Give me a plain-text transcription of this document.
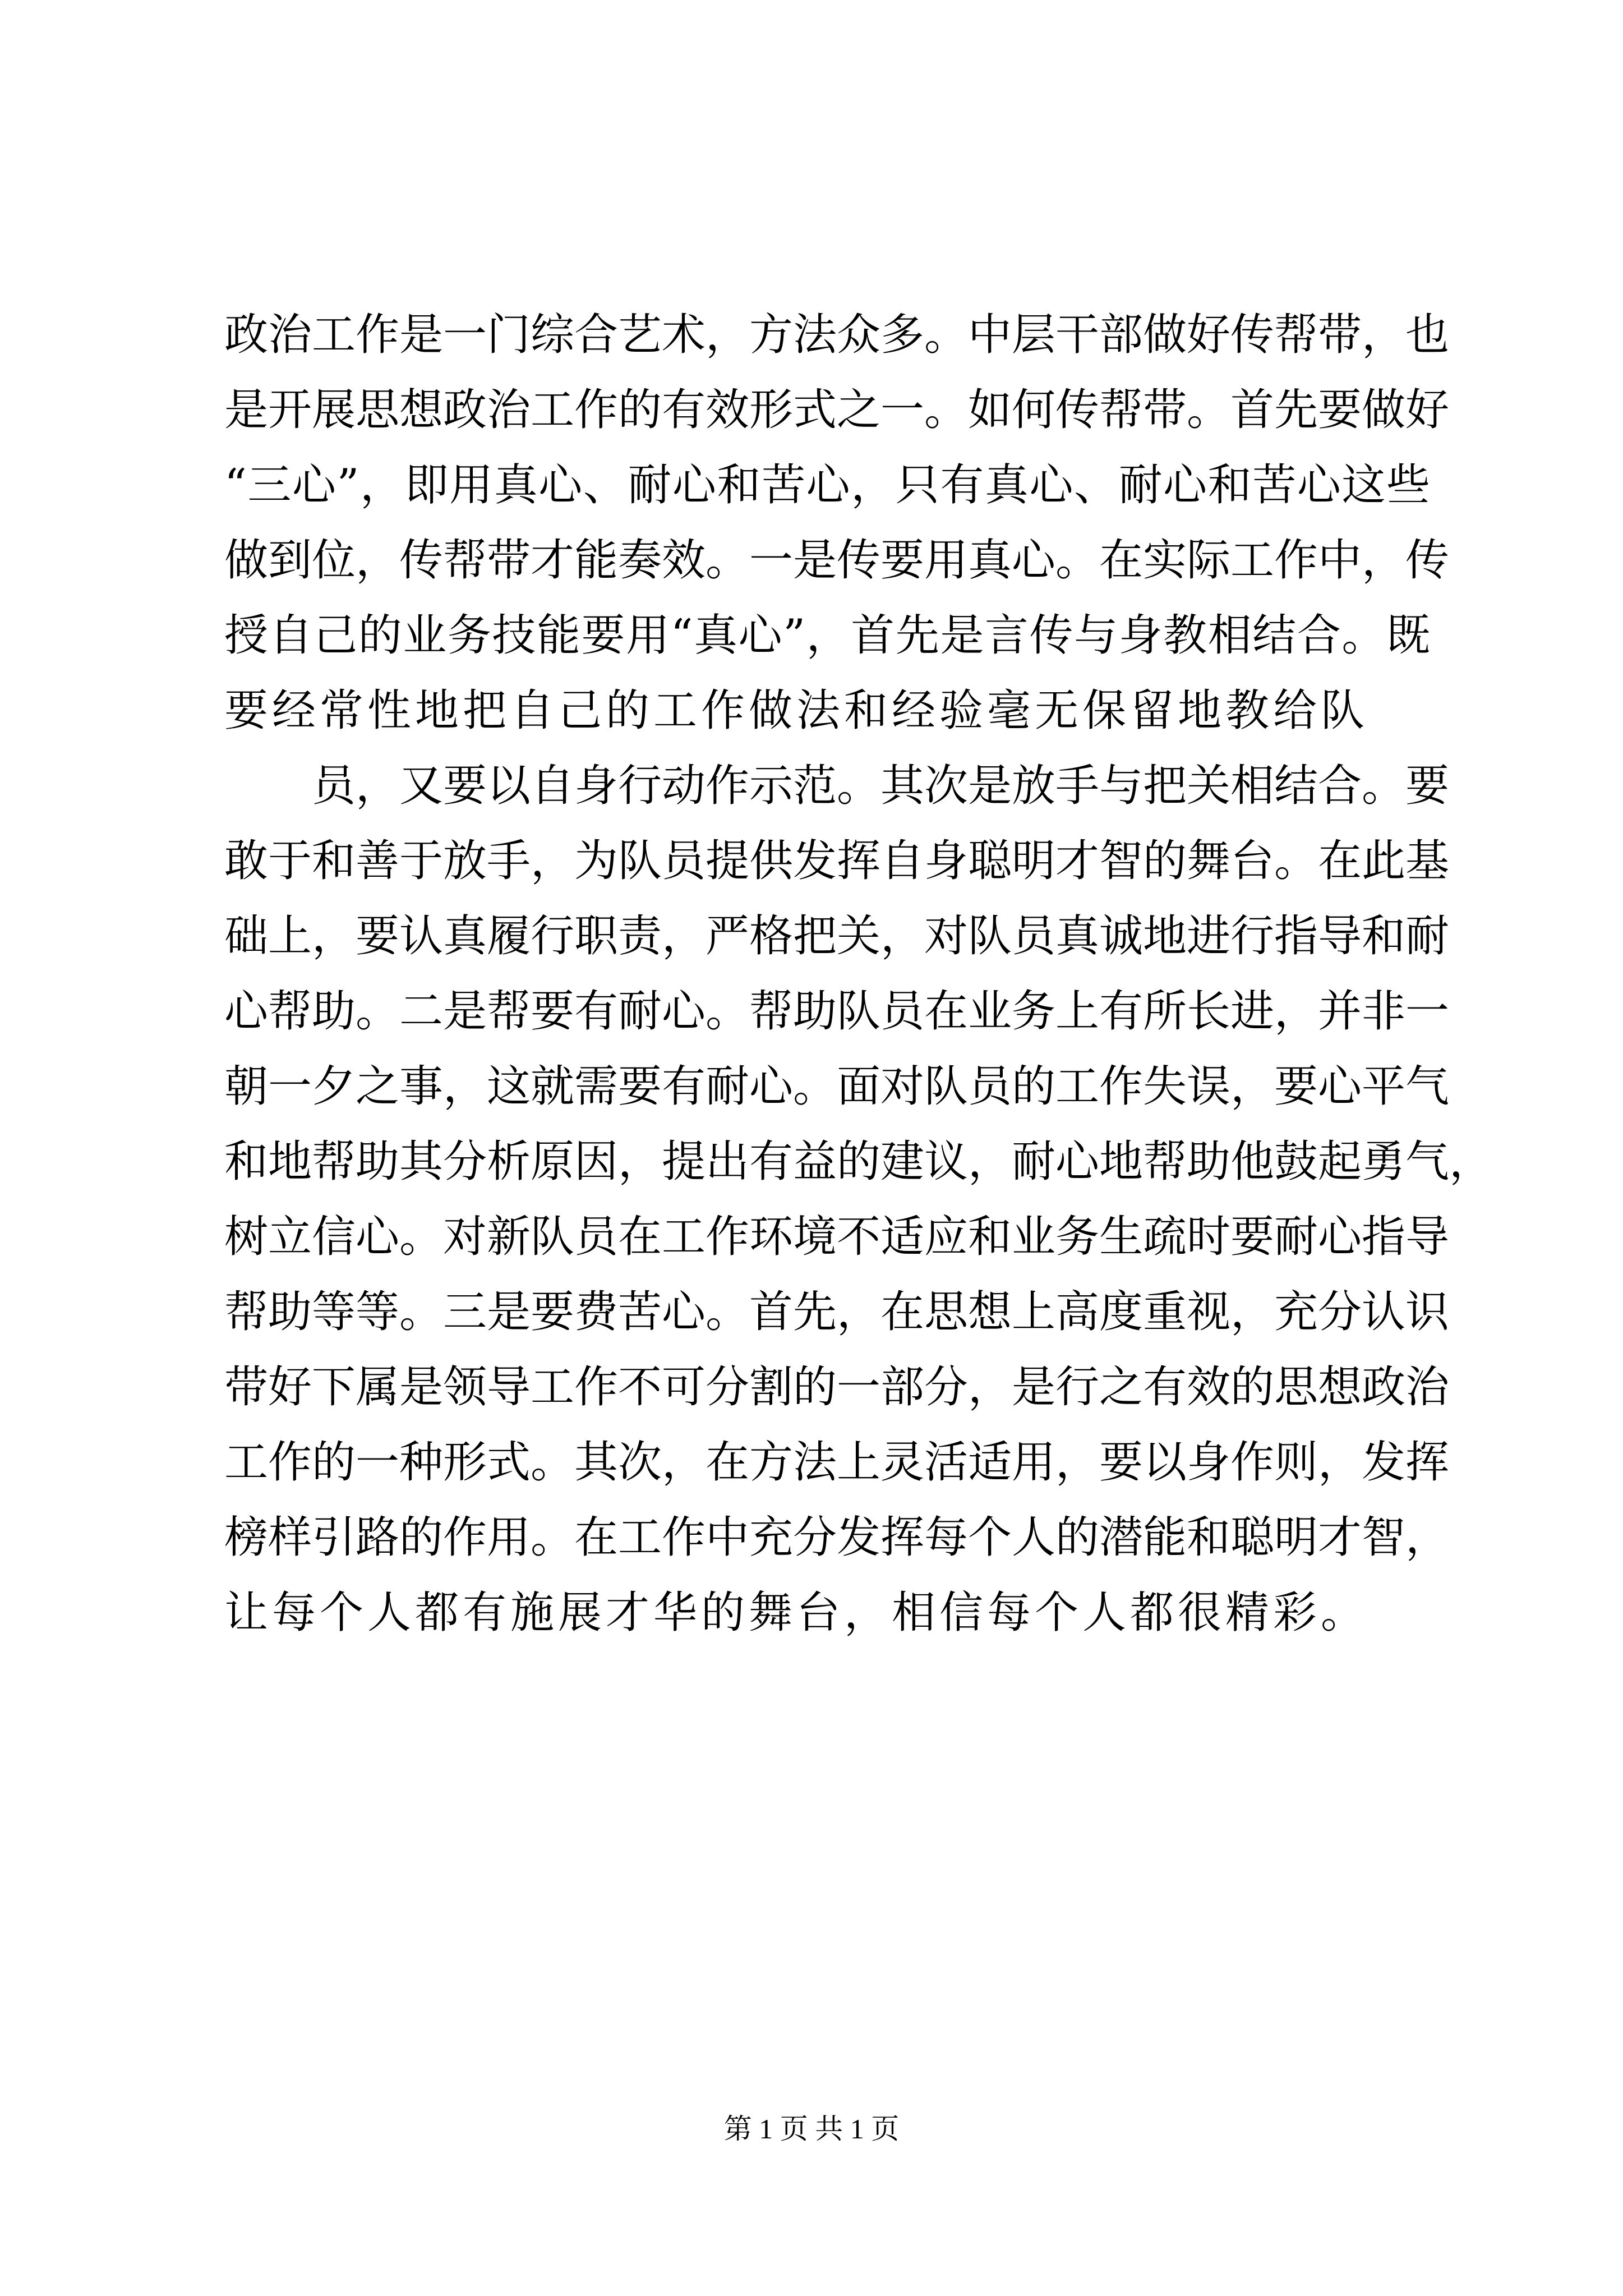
政治工作是一门综合艺术，方法众多。中层干部做好传帮带，也
是开展思想政治工作的有效形式之一。如何传帮带。首先要做好
“三心”，即用真心、耐心和苦心，只有真心、耐心和苦心这些
做到位，传帮带才能奏效。一是传要用真心。在实际工作中，传
授自己的业务技能要用“真心”，首先是言传与身教相结合。既
要经常性地把自己的工作做法和经验毫无保留地教给队
员，又要以自身行动作示范。其次是放手与把关相结合。要
敢于和善于放手，为队员提供发挥自身聪明才智的舞台。在此基
础上，要认真履行职责，严格把关，对队员真诚地进行指导和耐
心帮助。二是帮要有耐心。帮助队员在业务上有所长进，并非一
朝一夕之事，这就需要有耐心。面对队员的工作失误，要心平气
和地帮助其分析原因，提出有益的建议，耐心地帮助他鼓起勇气，
树立信心。对新队员在工作环境不适应和业务生疏时要耐心指导
帮助等等。三是要费苦心。首先，在思想上高度重视，充分认识
带好下属是领导工作不可分割的一部分，是行之有效的思想政治
工作的一种形式。其次，在方法上灵活适用，要以身作则，发挥
榜样引路的作用。在工作中充分发挥每个人的潜能和聪明才智，
让每个人都有施展才华的舞台，相信每个人都很精彩。
第 1 页 共 1 页
